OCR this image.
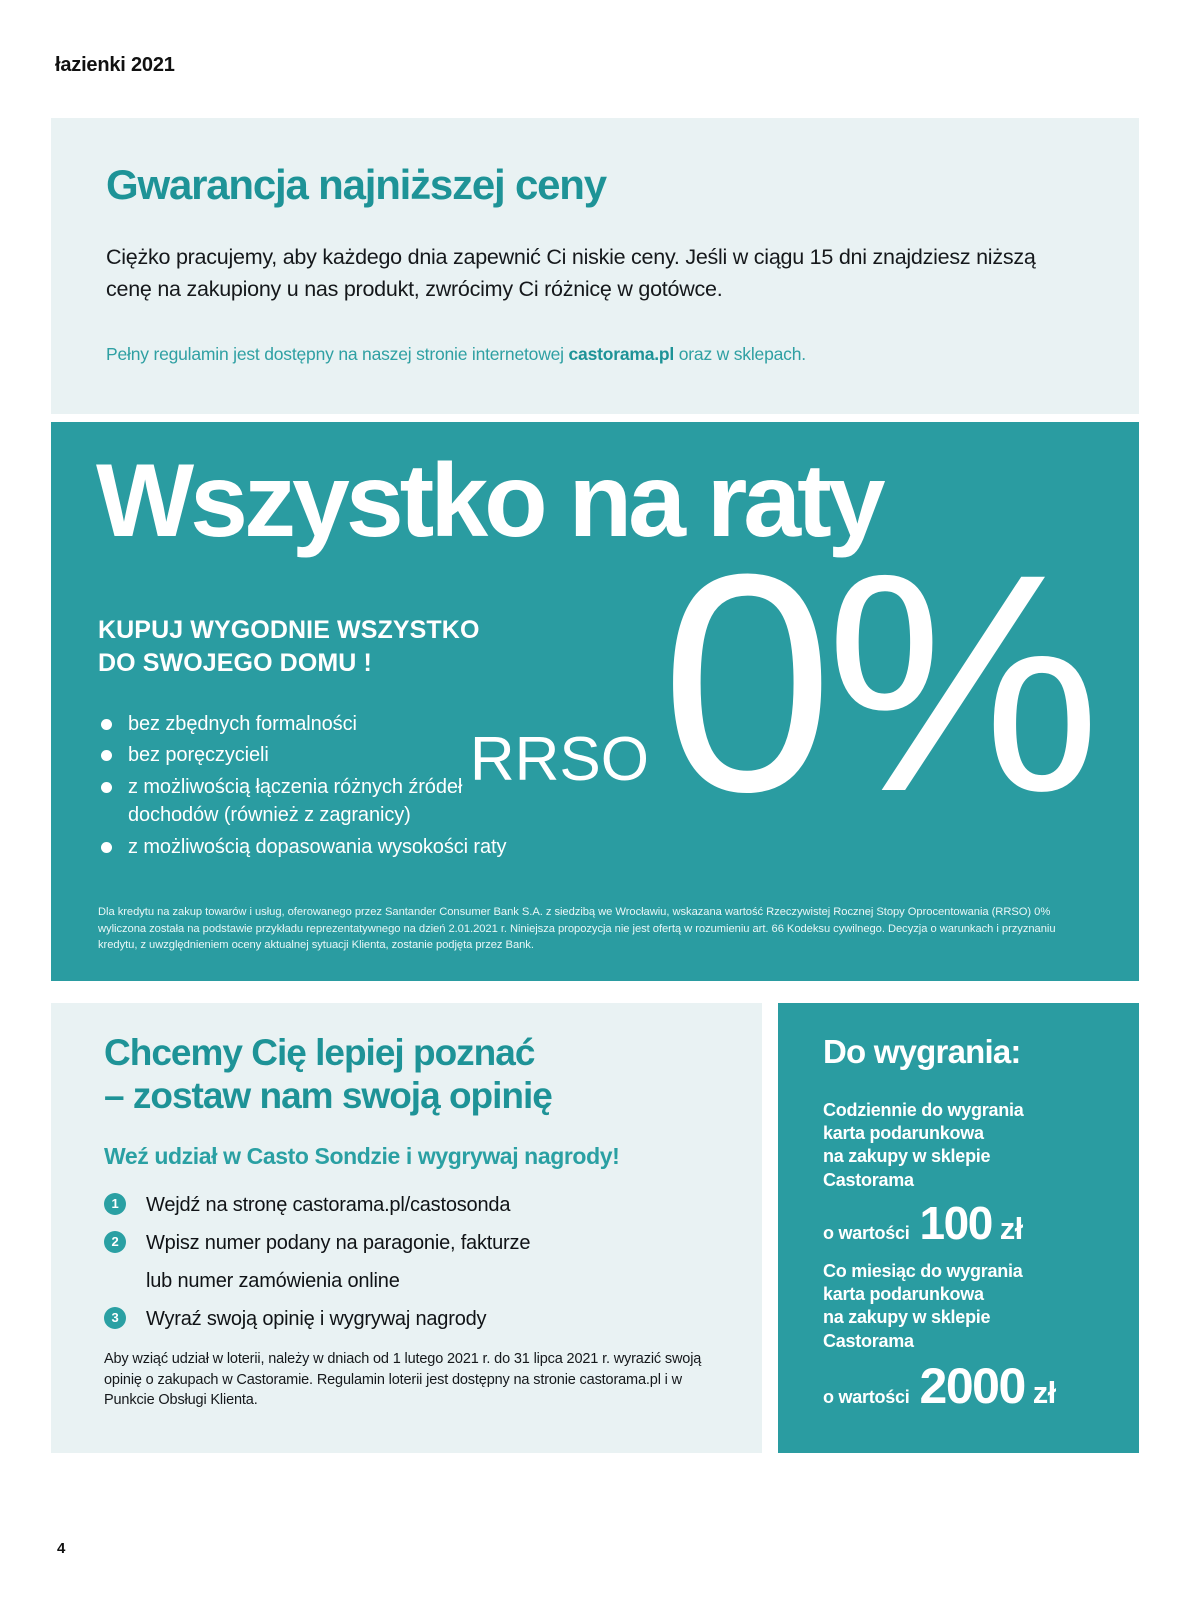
łazienki 2021
Gwarancja najniższej ceny

Ciężko pracujemy, aby każdego dnia zapewnić Ci niskie ceny. Jeśli w ciągu 15 dni znajdziesz niższą cenę na zakupiony u nas produkt, zwrócimy Ci różnicę w gotówce.

Pełny regulamin jest dostępny na naszej stronie internetowej castorama.pl oraz w sklepach.

Wszystko na raty
KUPUJ WYGODNIE WSZYSTKO
DO SWOJEGO DOMU !
bez zbędnych formalności
bez poręczycieli
z możliwością łączenia różnych źródeł
dochodów (również z zagranicy)
z możliwością dopasowania wysokości raty
RRSO 0%

Dla kredytu na zakup towarów i usług, oferowanego przez Santander Consumer Bank S.A. z siedzibą we Wrocławiu, wskazana wartość Rzeczywistej Rocznej Stopy Oprocentowania (RRSO) 0% wyliczona została na podstawie przykładu reprezentatywnego na dzień 2.01.2021 r. Niniejsza propozycja nie jest ofertą w rozumieniu art. 66 Kodeksu cywilnego. Decyzja o warunkach i przyznaniu kredytu, z uwzględnieniem oceny aktualnej sytuacji Klienta, zostanie podjęta przez Bank.

Chcemy Cię lepiej poznać
– zostaw nam swoją opinię

Weź udział w Casto Sondzie i wygrywaj nagrody!

1	Wejdź na stronę castorama.pl/castosonda
2	Wpisz numer podany na paragonie, fakturze
lub numer zamówienia online
3	Wyraź swoją opinię i wygrywaj nagrody

Aby wziąć udział w loterii, należy w dniach od 1 lutego 2021 r. do 31 lipca 2021 r. wyrazić swoją opinię o zakupach w Castoramie. Regulamin loterii jest dostępny na stronie castorama.pl i w Punkcie Obsługi Klienta.

Do wygrania:
Codziennie do wygrania
karta podarunkowa
na zakupy w sklepie
Castorama
o wartości 100 zł
Co miesiąc do wygrania
karta podarunkowa
na zakupy w sklepie
Castorama
o wartości 2000 zł
4
